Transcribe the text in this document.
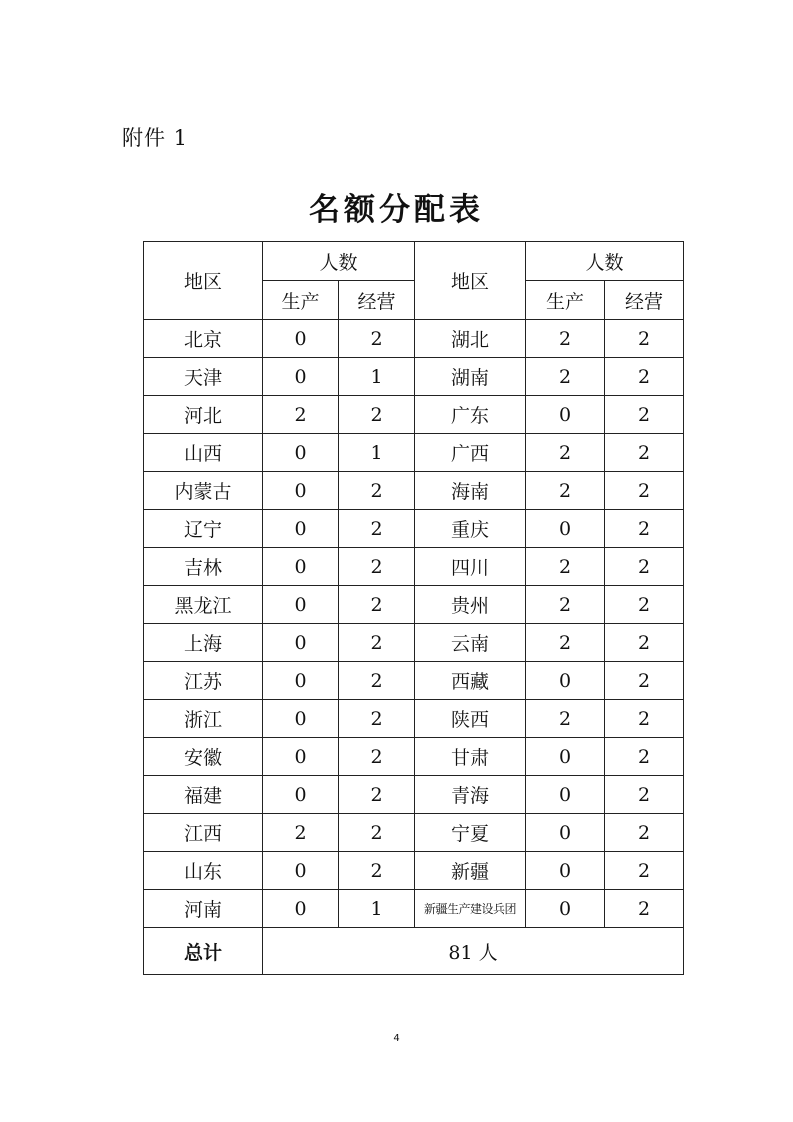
附件 1
名额分配表
地区	人数		地区	人数	
	生产	经营		生产	经营
北京	0	2	湖北	2	2
天津	0	1	湖南	2	2
河北	2	2	广东	0	2
山西	0	1	广西	2	2
内蒙古	0	2	海南	2	2
辽宁	0	2	重庆	0	2
吉林	0	2	四川	2	2
黑龙江	0	2	贵州	2	2
上海	0	2	云南	2	2
江苏	0	2	西藏	0	2
浙江	0	2	陕西	2	2
安徽	0	2	甘肃	0	2
福建	0	2	青海	0	2
江西	2	2	宁夏	0	2
山东	0	2	新疆	0	2
河南	0	1	新疆生产建设兵团	0	2
总计	81 人				
4
